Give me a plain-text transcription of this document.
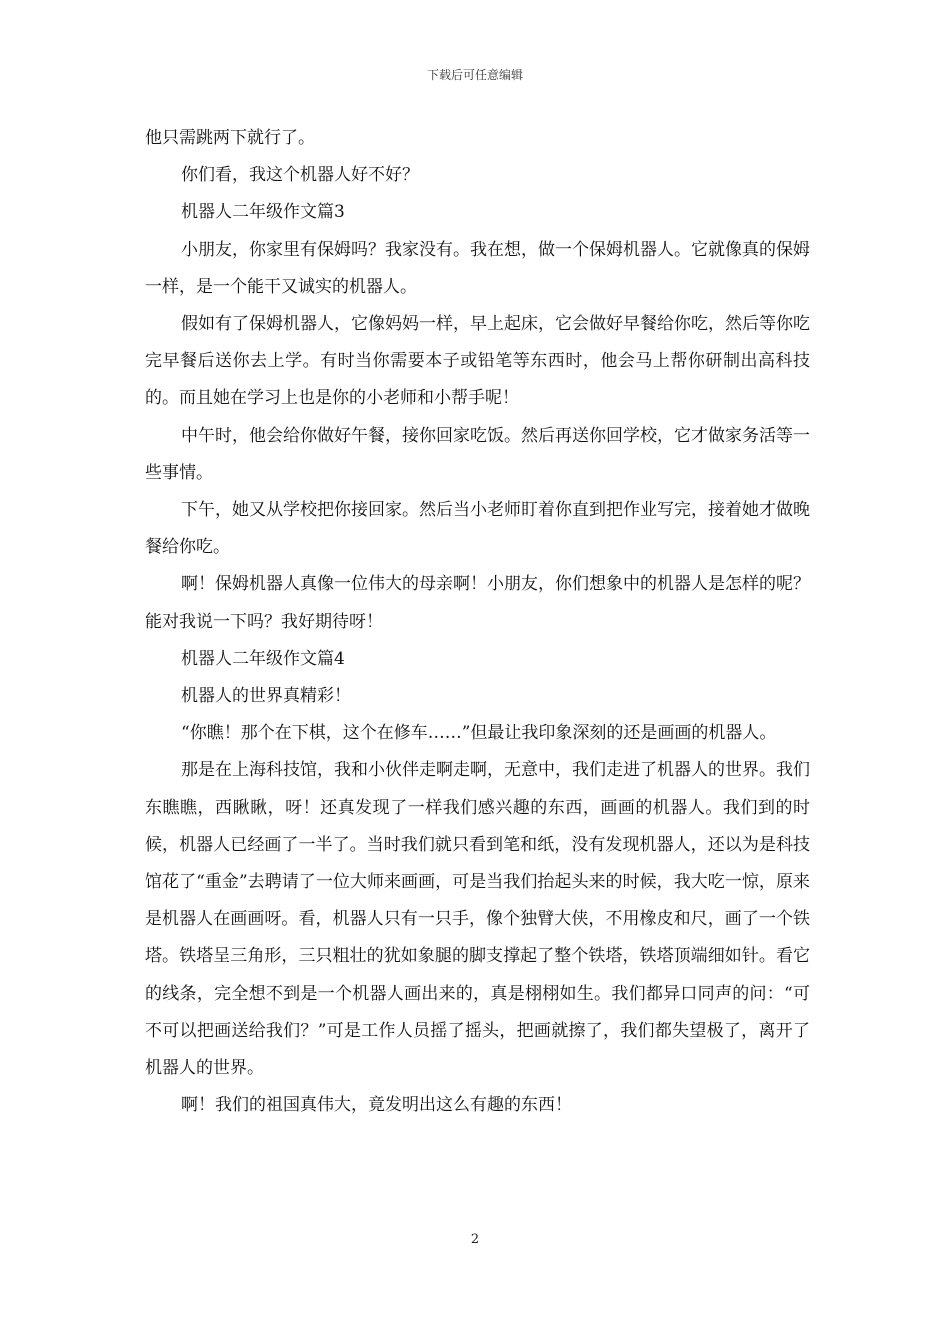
下载后可任意编辑

他只需跳两下就行了。

你们看，我这个机器人好不好？

机器人二年级作文篇3

小朋友，你家里有保姆吗？我家没有。我在想，做一个保姆机器人。它就像真的保姆一样，是一个能干又诚实的机器人。

假如有了保姆机器人，它像妈妈一样，早上起床，它会做好早餐给你吃，然后等你吃完早餐后送你去上学。有时当你需要本子或铅笔等东西时，他会马上帮你研制出高科技的。而且她在学习上也是你的小老师和小帮手呢！

中午时，他会给你做好午餐，接你回家吃饭。然后再送你回学校，它才做家务活等一些事情。

下午，她又从学校把你接回家。然后当小老师盯着你直到把作业写完，接着她才做晚餐给你吃。

啊！保姆机器人真像一位伟大的母亲啊！小朋友，你们想象中的机器人是怎样的呢？能对我说一下吗？我好期待呀！

机器人二年级作文篇4

机器人的世界真精彩！

“你瞧！那个在下棋，这个在修车……”但最让我印象深刻的还是画画的机器人。

那是在上海科技馆，我和小伙伴走啊走啊，无意中，我们走进了机器人的世界。我们东瞧瞧，西瞅瞅，呀！还真发现了一样我们感兴趣的东西，画画的机器人。我们到的时候，机器人已经画了一半了。当时我们就只看到笔和纸，没有发现机器人，还以为是科技馆花了“重金”去聘请了一位大师来画画，可是当我们抬起头来的时候，我大吃一惊，原来是机器人在画画呀。看，机器人只有一只手，像个独臂大侠，不用橡皮和尺，画了一个铁塔。铁塔呈三角形，三只粗壮的犹如象腿的脚支撑起了整个铁塔，铁塔顶端细如针。看它的线条，完全想不到是一个机器人画出来的，真是栩栩如生。我们都异口同声的问：“可不可以把画送给我们？”可是工作人员摇了摇头，把画就擦了，我们都失望极了，离开了机器人的世界。

啊！我们的祖国真伟大，竟发明出这么有趣的东西！

2
